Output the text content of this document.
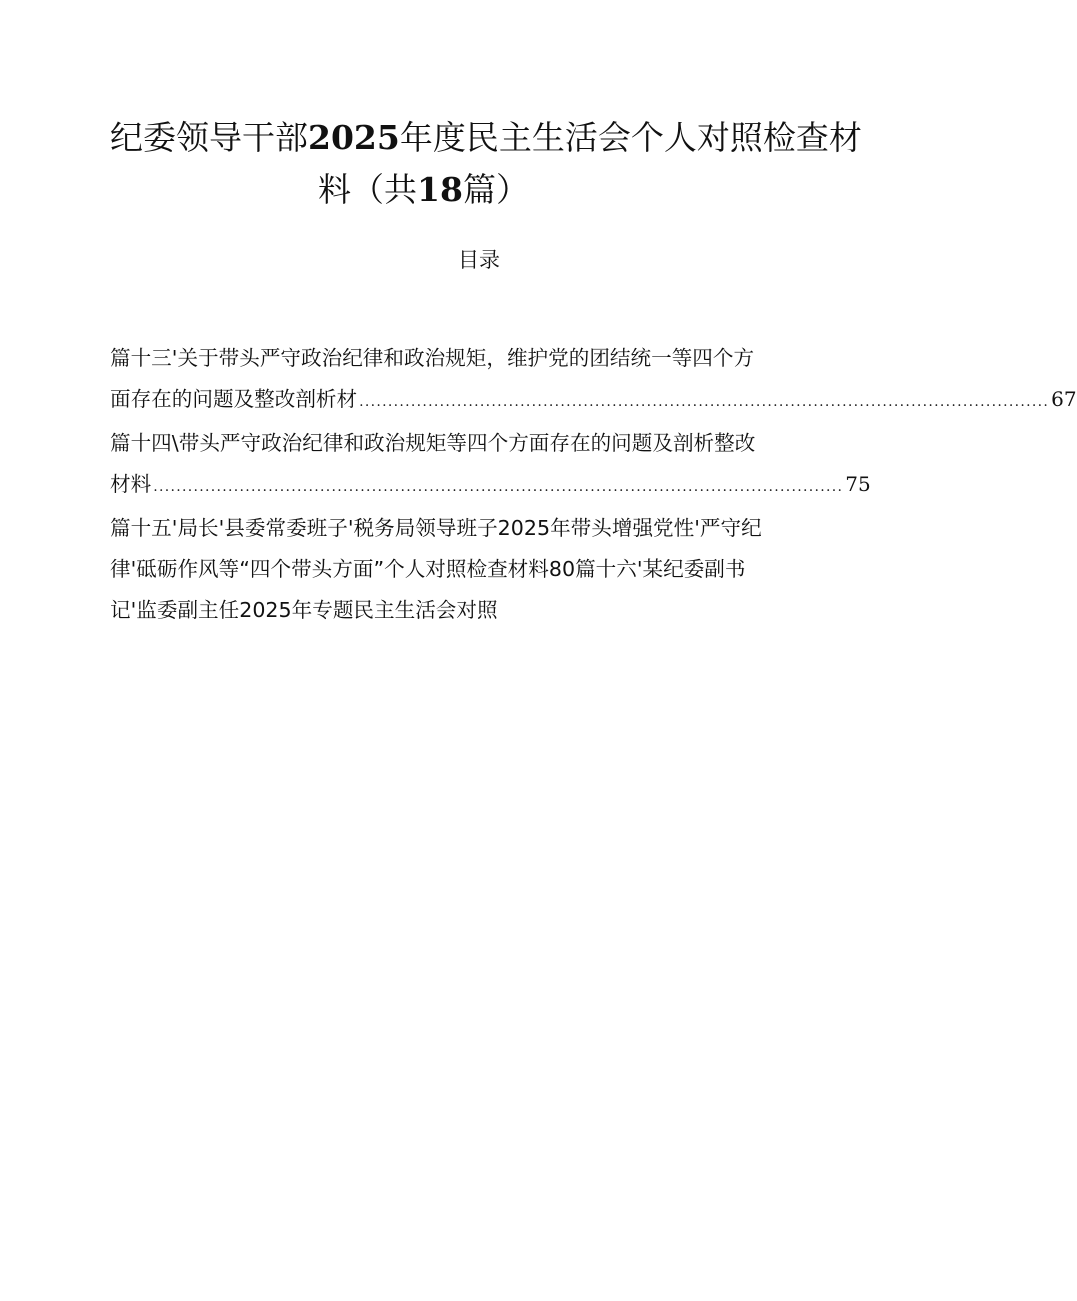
纪委领导干部2025年度民主生活会个人对照检查材
料（共18篇）
目录
篇十三'关于带头严守政治纪律和政治规矩，维护党的团结统一等四个方
面存在的问题及整改剖析材 ........................................................................................................................ 67
篇十四\带头严守政治纪律和政治规矩等四个方面存在的问题及剖析整改
材料 ........................................................................................................................ 75
篇十五'局长'县委常委班子'税务局领导班子2025年带头增强党性'严守纪
律'砥砺作风等“四个带头方面”个人对照检查材料80篇十六'某纪委副书
记'监委副主任2025年专题民主生活会对照
